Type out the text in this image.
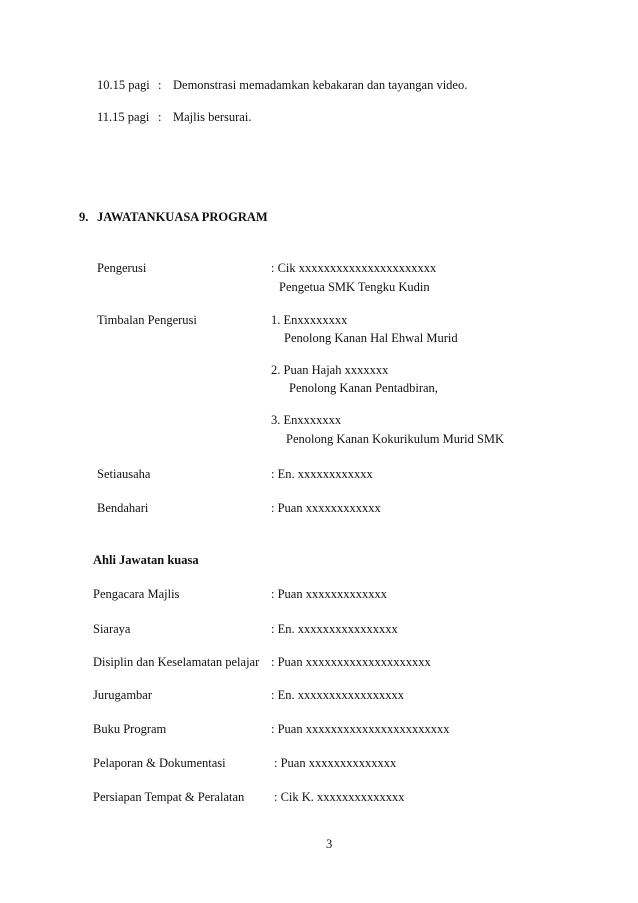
10.15 pagi : Demonstrasi memadamkan kebakaran dan tayangan video.
11.15 pagi : Majlis bersurai.
9. JAWATANKUASA PROGRAM
Pengerusi	: Cik xxxxxxxxxxxxxxxxxxxxxx
Pengetua SMK Tengku Kudin
Timbalan Pengerusi	1. Enxxxxxxxx
Penolong Kanan Hal Ehwal Murid
2. Puan Hajah xxxxxxx
Penolong Kanan Pentadbiran,
3. Enxxxxxxx
Penolong Kanan Kokurikulum Murid SMK
Setiausaha	: En. xxxxxxxxxxxx
Bendahari	: Puan xxxxxxxxxxxx
Ahli Jawatan kuasa
Pengacara Majlis	: Puan xxxxxxxxxxxxx
Siaraya	: En. xxxxxxxxxxxxxxxx
Disiplin dan Keselamatan pelajar : Puan xxxxxxxxxxxxxxxxxxxx
Jurugambar	: En. xxxxxxxxxxxxxxxxx
Buku Program	: Puan xxxxxxxxxxxxxxxxxxxxxxx
Pelaporan & Dokumentasi	: Puan xxxxxxxxxxxxxx
Persiapan Tempat & Peralatan : Cik K. xxxxxxxxxxxxxx
3
